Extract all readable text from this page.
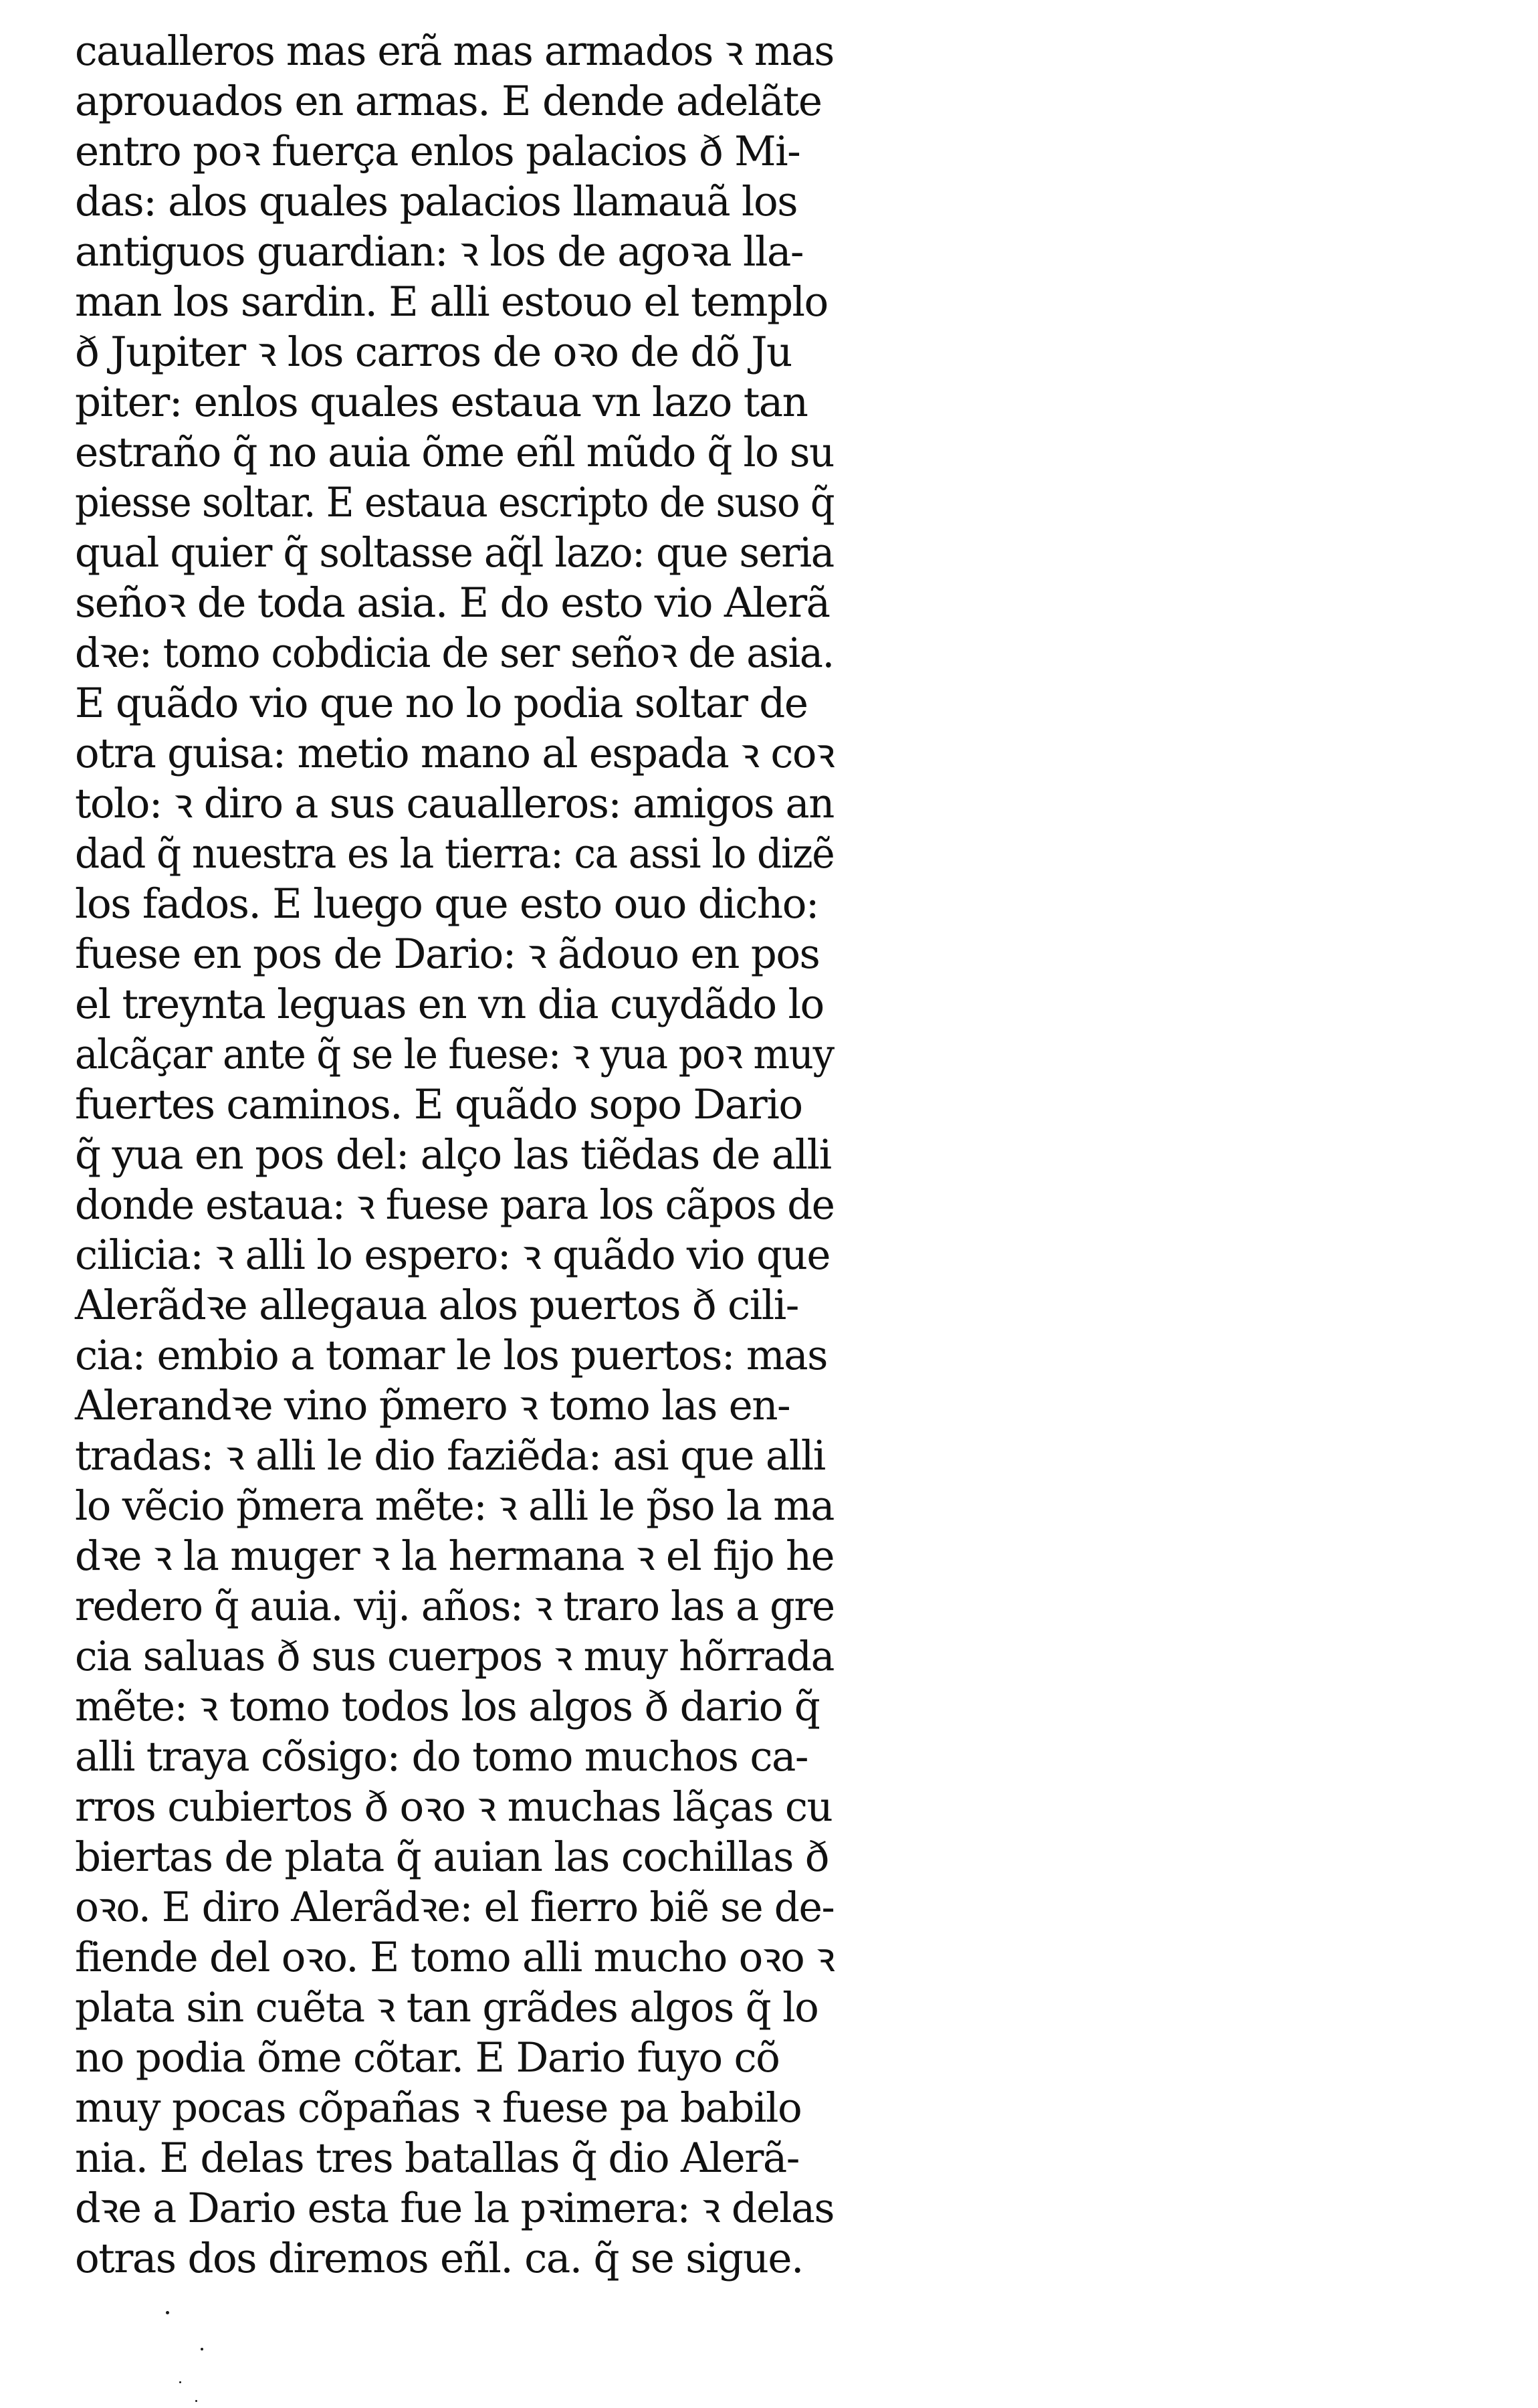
caualleros mas erã mas armados ꝛ mas
aprouados en armas. E dende adelãte
entro poꝛ fuerça enlos palacios ð Mi-
das: alos quales palacios llamauã los
antiguos guardian: ꝛ los de agoꝛa lla-
man los sardin. E alli estouo el templo
ð Jupiter ꝛ los carros de oꝛo de dõ Ju
piter: enlos quales estaua vn lazo tan
estraño q̃ no auia õme eñl mũdo q̃ lo su
piesse soltar. E estaua escripto de suso q̃
qual quier q̃ soltasse aq̃l lazo: que seria
señoꝛ de toda asia. E do esto vio Alerã
dꝛe: tomo cobdicia de ser señoꝛ de asia.
E quãdo vio que no lo podia soltar de
otra guisa: metio mano al espada ꝛ coꝛ
tolo: ꝛ diro a sus caualleros: amigos an
dad q̃ nuestra es la tierra: ca assi lo dizẽ
los fados. E luego que esto ouo dicho:
fuese en pos de Dario: ꝛ ãdouo en pos
el treynta leguas en vn dia cuydãdo lo
alcãçar ante q̃ se le fuese: ꝛ yua poꝛ muy
fuertes caminos. E quãdo sopo Dario
q̃ yua en pos del: alço las tiẽdas de alli
donde estaua: ꝛ fuese para los cãpos de
cilicia: ꝛ alli lo espero: ꝛ quãdo vio que
Alerãdꝛe allegaua alos puertos ð cili-
cia: embio a tomar le los puertos: mas
Alerandꝛe vino p̃mero ꝛ tomo las en-
tradas: ꝛ alli le dio faziẽda: asi que alli
lo vẽcio p̃mera mẽte: ꝛ alli le p̃so la ma
dꝛe ꝛ la muger ꝛ la hermana ꝛ el fijo he
redero q̃ auia. vij. años: ꝛ traro las a gre
cia saluas ð sus cuerpos ꝛ muy hõrrada
mẽte: ꝛ tomo todos los algos ð dario q̃
alli traya cõsigo: do tomo muchos ca-
rros cubiertos ð oꝛo ꝛ muchas lãças cu
biertas de plata q̃ auian las cochillas ð
oꝛo. E diro Alerãdꝛe: el fierro biẽ se de-
fiende del oꝛo. E tomo alli mucho oꝛo ꝛ
plata sin cuẽta ꝛ tan grãdes algos q̃ lo
no podia õme cõtar. E Dario fuyo cõ
muy pocas cõpañas ꝛ fuese pa babilo
nia. E delas tres batallas q̃ dio Alerã-
dꝛe a Dario esta fue la pꝛimera: ꝛ delas
otras dos diremos eñl. ca. q̃ se sigue.
